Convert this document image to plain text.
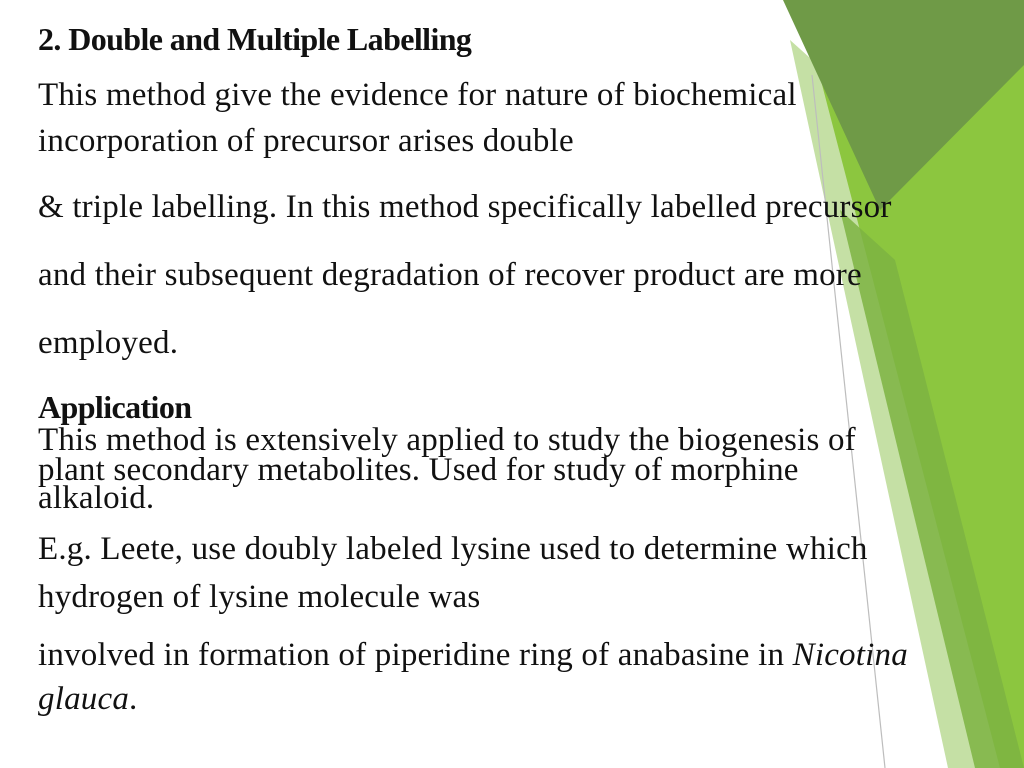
2. Double and Multiple Labelling
This method give the evidence for nature of biochemical
incorporation of precursor arises double
& triple labelling. In this method specifically labelled precursor
and their subsequent degradation of recover product are more
employed.
Application
This method is extensively applied to study the biogenesis of
plant secondary metabolites. Used for study of morphine
alkaloid.
E.g. Leete, use doubly labeled lysine used to determine which
hydrogen of lysine molecule was
involved in formation of piperidine ring of anabasine in Nicotina
glauca.
